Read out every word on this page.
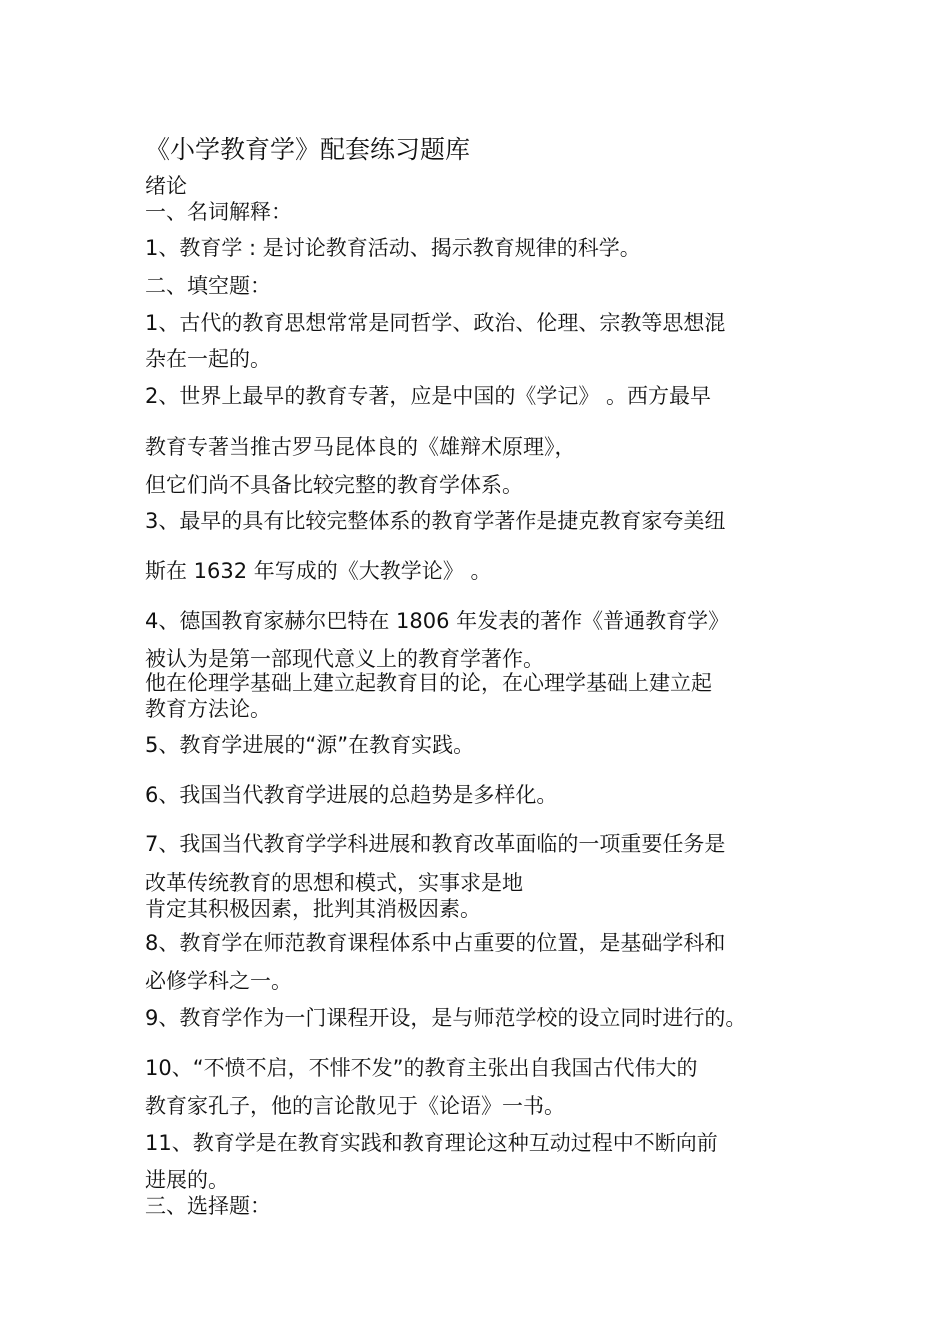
《小学教育学》配套练习题库
绪论
一、名词解释：
1、教育学 : 是讨论教育活动、揭示教育规律的科学。
二、填空题：
1、古代的教育思想常常是同哲学、政治、伦理、宗教等思想混
杂在一起的。
2、世界上最早的教育专著，应是中国的《学记》 。西方最早
教育专著当推古罗马昆体良的《雄辩术原理》，
但它们尚不具备比较完整的教育学体系。
3、最早的具有比较完整体系的教育学著作是捷克教育家夸美纽
斯在 1632 年写成的《大教学论》 。
4、德国教育家赫尔巴特在 1806 年发表的著作《普通教育学》
被认为是第一部现代意义上的教育学著作。
他在伦理学基础上建立起教育目的论，在心理学基础上建立起
教育方法论。
5、教育学进展的“源”在教育实践。
6、我国当代教育学进展的总趋势是多样化。
7、我国当代教育学学科进展和教育改革面临的一项重要任务是
改革传统教育的思想和模式，实事求是地
肯定其积极因素，批判其消极因素。
8、教育学在师范教育课程体系中占重要的位置，是基础学科和
必修学科之一。
9、教育学作为一门课程开设，是与师范学校的设立同时进行的。
10、“不愤不启，不悱不发”的教育主张出自我国古代伟大的
教育家孔子，他的言论散见于《论语》一书。
11、教育学是在教育实践和教育理论这种互动过程中不断向前
进展的。
三、选择题：
